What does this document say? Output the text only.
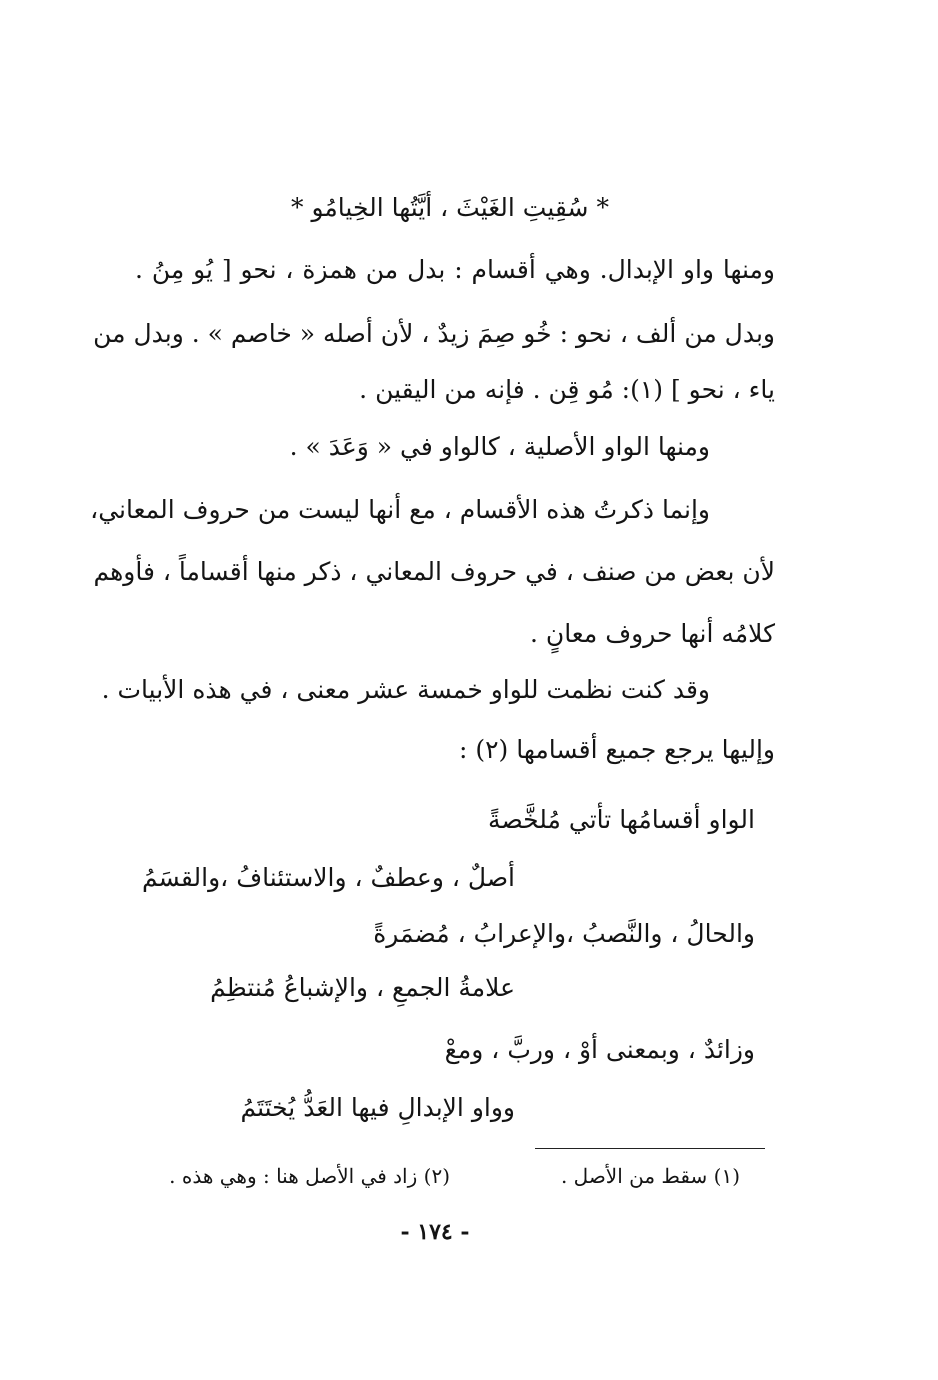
* سُقِيتِ الغَيْثَ ، أيَّتُها الخِيامُو *
ومنها واو الإبدال. وهي أقسام : بدل من همزة ، نحو [ يُو مِنُ .
وبدل من ألف ، نحو : خُو صِمَ زيدٌ ، لأن أصله « خاصم » . وبدل من
ياء ، نحو ] (١): مُو قِن . فإنه من اليقين .
ومنها الواو الأصلية ، كالواو في « وَعَدَ » .
وإنما ذكرتُ هذه الأقسام ، مع أنها ليست من حروف المعاني،
لأن بعض من صنف ، في حروف المعاني ، ذكر منها أقساماً ، فأوهم
كلامُه أنها حروف معانٍ .
وقد كنت نظمت للواو خمسة عشر معنى ، في هذه الأبيات .
وإليها يرجع جميع أقسامها (٢) :
الواو أقسامُها تأتي مُلخَّصةً
أصلٌ ، وعطفٌ ، والاستئنافُ ،والقسَمُ
والحالُ ، والنَّصبُ ،والإعرابُ ، مُضمَرةً
علامةُ الجمعِ ، والإشباعُ مُنتظِمُ
وزائدٌ ، وبمعنى أوْ ، وربَّ ، ومعْ
وواو الإبدالِ فيها العَدُّ يُختَتَمُ
(١) سقط من الأصل .
(٢) زاد في الأصل هنا : وهي هذه .
- ١٧٤ -
